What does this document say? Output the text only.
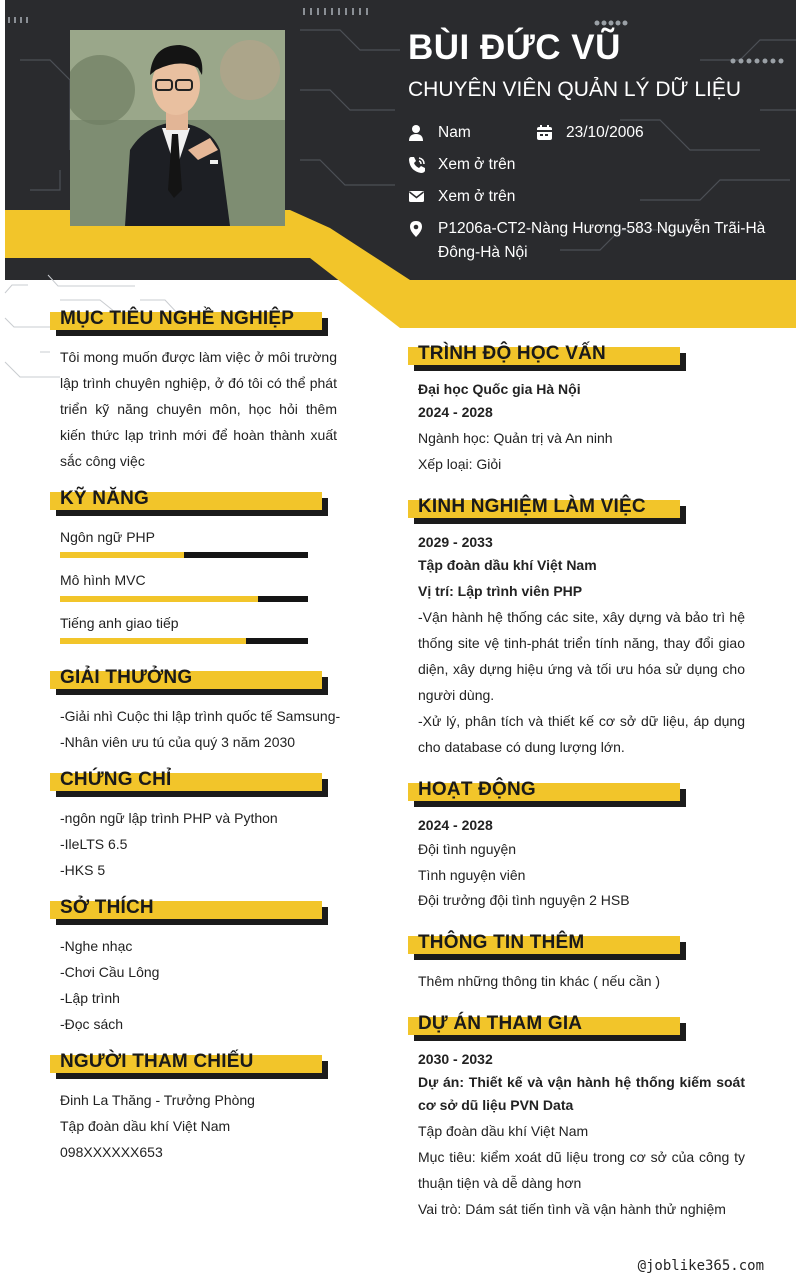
BÙI ĐỨC VŨ
CHUYÊN VIÊN QUẢN LÝ DỮ LIỆU
Nam	23/10/2006
Xem ở trên
Xem ở trên
P1206a-CT2-Nàng Hương-583 Nguyễn Trãi-Hà Đông-Hà Nội
MỤC TIÊU NGHỀ NGHIỆP
Tôi mong muốn được làm việc ở môi trường lập trình chuyên nghiệp, ở đó tôi có thể phát triển kỹ năng chuyên môn, học hỏi thêm kiến thức lạp trình mới để hoàn thành xuất sắc công việc
KỸ NĂNG
Ngôn ngữ PHP
Mô hình MVC
Tiếng anh giao tiếp
GIẢI THƯỞNG
-Giải nhì Cuộc thi lập trình quốc tế Samsung-
-Nhân viên ưu tú của quý 3 năm 2030
CHỨNG CHỈ
-ngôn ngữ lập trình PHP và Python
-IleLTS 6.5
-HKS 5
SỞ THÍCH
-Nghe nhạc
-Chơi Cầu Lông
-Lập trình
-Đọc sách
NGƯỜI THAM CHIẾU
Đinh La Thăng - Trưởng Phòng
Tập đoàn dầu khí Việt Nam
098XXXXXX653
TRÌNH ĐỘ HỌC VẤN
Đại học Quốc gia Hà Nội
2024 - 2028
Ngành học: Quản trị và An ninh
Xếp loại: Giỏi
KINH NGHIỆM LÀM VIỆC
2029 - 2033
Tập đoàn dầu khí Việt Nam
Vị trí: Lập trình viên PHP
-Vận hành hệ thống các site, xây dựng và bảo trì hệ thống site vệ tinh-phát triển tính năng, thay đổi giao diện, xây dựng hiệu ứng và tối ưu hóa sử dụng cho người dùng.
-Xử lý, phân tích và thiết kế cơ sở dữ liệu, áp dụng cho database có dung lượng lớn.
HOẠT ĐỘNG
2024 - 2028
Đội tình nguyện
Tình nguyện viên
Đội trưởng đội tình nguyện 2 HSB
THÔNG TIN THÊM
Thêm những thông tin khác ( nếu cần )
DỰ ÁN THAM GIA
2030 - 2032
Dự án: Thiết kế và vận hành hệ thống kiếm soát cơ sở dũ liệu PVN Data
Tập đoàn dầu khí Việt Nam
Mục tiêu: kiểm xoát dũ liệu trong cơ sở của công ty thuận tiện và dễ dàng hơn
Vai trò: Dám sát tiến tình vầ vận hành thử nghiệm
@joblike365.com
